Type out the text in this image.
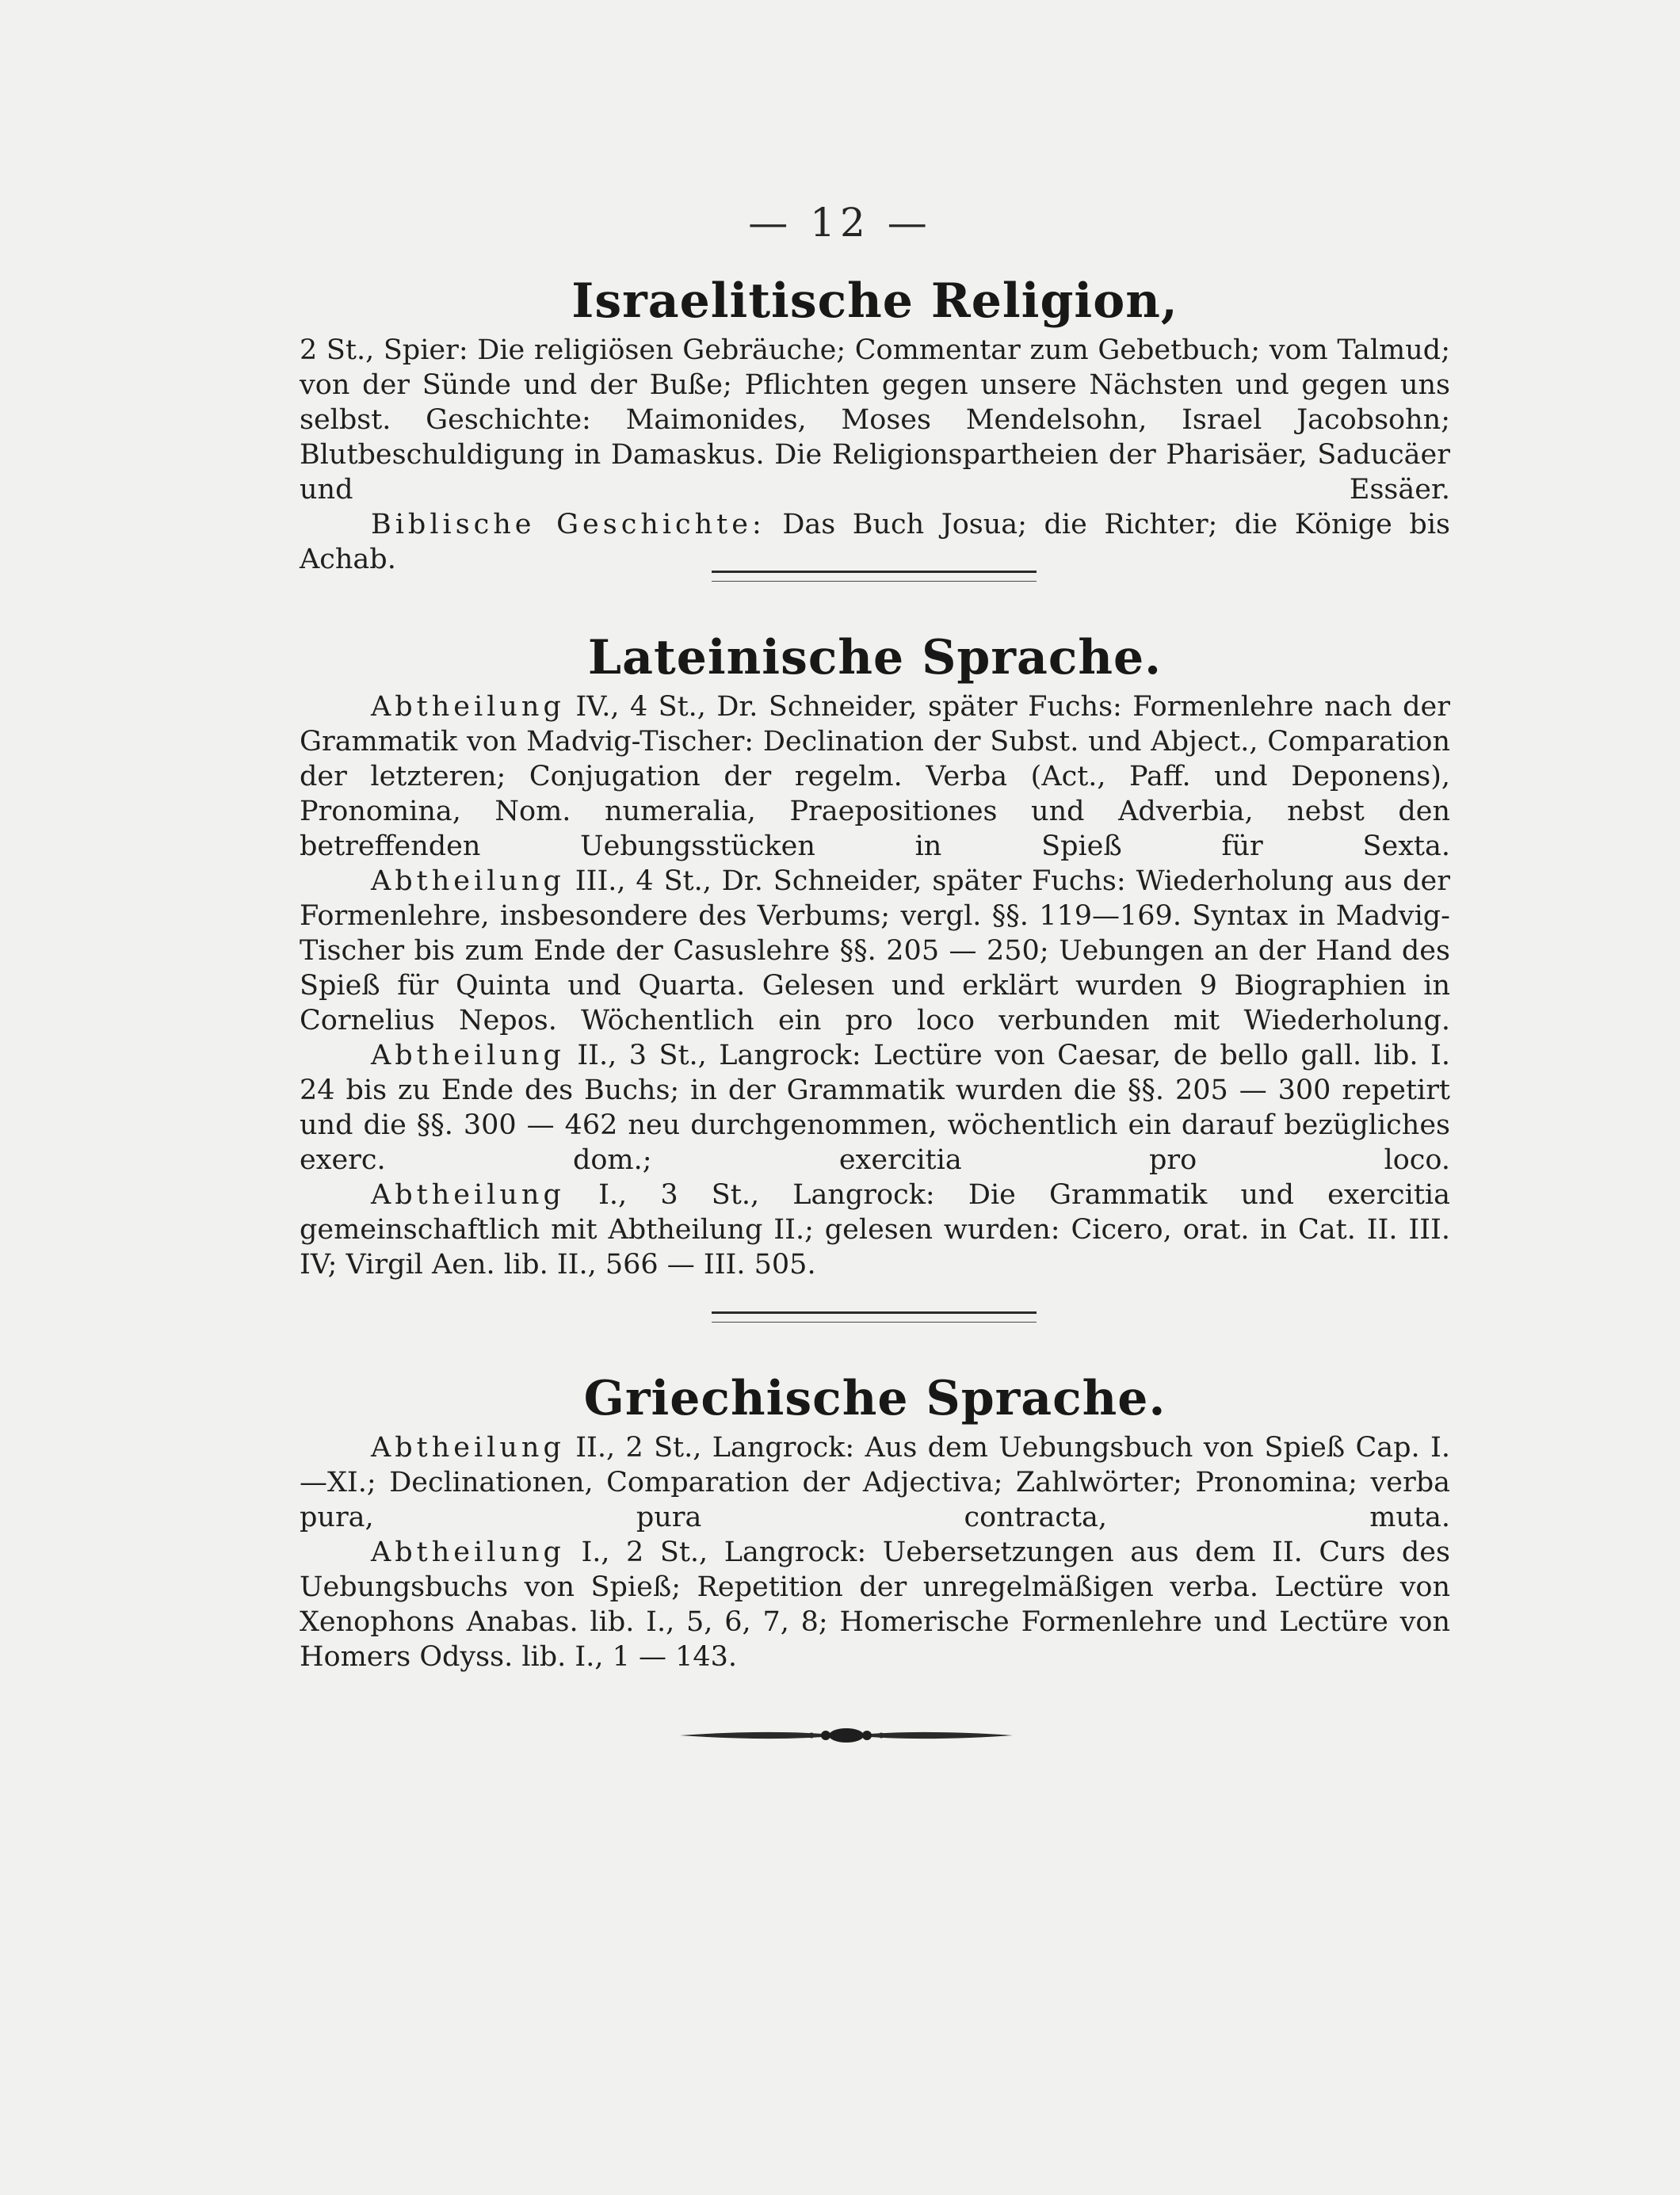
— 12 —
Israelitische Religion,

2 St., Spier: Die religiösen Gebräuche; Commentar zum Gebetbuch; vom Talmud; von der Sünde und der Buße; Pflichten gegen unsere Nächsten und gegen uns selbst. Geschichte: Maimonides, Moses Mendelsohn, Israel Jacobsohn; Blutbeschuldigung in Damaskus. Die Religionspartheien der Pharisäer, Saducäer und Essäer.

Biblische Geschichte: Das Buch Josua; die Richter; die Könige bis Achab.

Lateinische Sprache.

Abtheilung IV., 4 St., Dr. Schneider, später Fuchs: Formenlehre nach der Grammatik von Madvig-Tischer: Declination der Subst. und Abject., Comparation der letzteren; Conjugation der regelm. Verba (Act., Paff. und Deponens), Pronomina, Nom. numeralia, Praepositiones und Adverbia, nebst den betreffenden Uebungsstücken in Spieß für Sexta.

Abtheilung III., 4 St., Dr. Schneider, später Fuchs: Wiederholung aus der Formenlehre, insbesondere des Verbums; vergl. §§. 119—169. Syntax in Madvig-Tischer bis zum Ende der Casuslehre §§. 205 — 250; Uebungen an der Hand des Spieß für Quinta und Quarta. Gelesen und erklärt wurden 9 Biographien in Cornelius Nepos. Wöchentlich ein pro loco verbunden mit Wiederholung.

Abtheilung II., 3 St., Langrock: Lectüre von Caesar, de bello gall. lib. I. 24 bis zu Ende des Buchs; in der Grammatik wurden die §§. 205 — 300 repetirt und die §§. 300 — 462 neu durchgenommen, wöchentlich ein darauf bezügliches exerc. dom.; exercitia pro loco.

Abtheilung I., 3 St., Langrock: Die Grammatik und exercitia gemeinschaftlich mit Abtheilung II.; gelesen wurden: Cicero, orat. in Cat. II. III. IV; Virgil Aen. lib. II., 566 — III. 505.

Griechische Sprache.

Abtheilung II., 2 St., Langrock: Aus dem Uebungsbuch von Spieß Cap. I.—XI.; Declinationen, Comparation der Adjectiva; Zahlwörter; Pronomina; verba pura, pura contracta, muta.

Abtheilung I., 2 St., Langrock: Uebersetzungen aus dem II. Curs des Uebungsbuchs von Spieß; Repetition der unregelmäßigen verba. Lectüre von Xenophons Anabas. lib. I., 5, 6, 7, 8; Homerische Formenlehre und Lectüre von Homers Odyss. lib. I., 1 — 143.
